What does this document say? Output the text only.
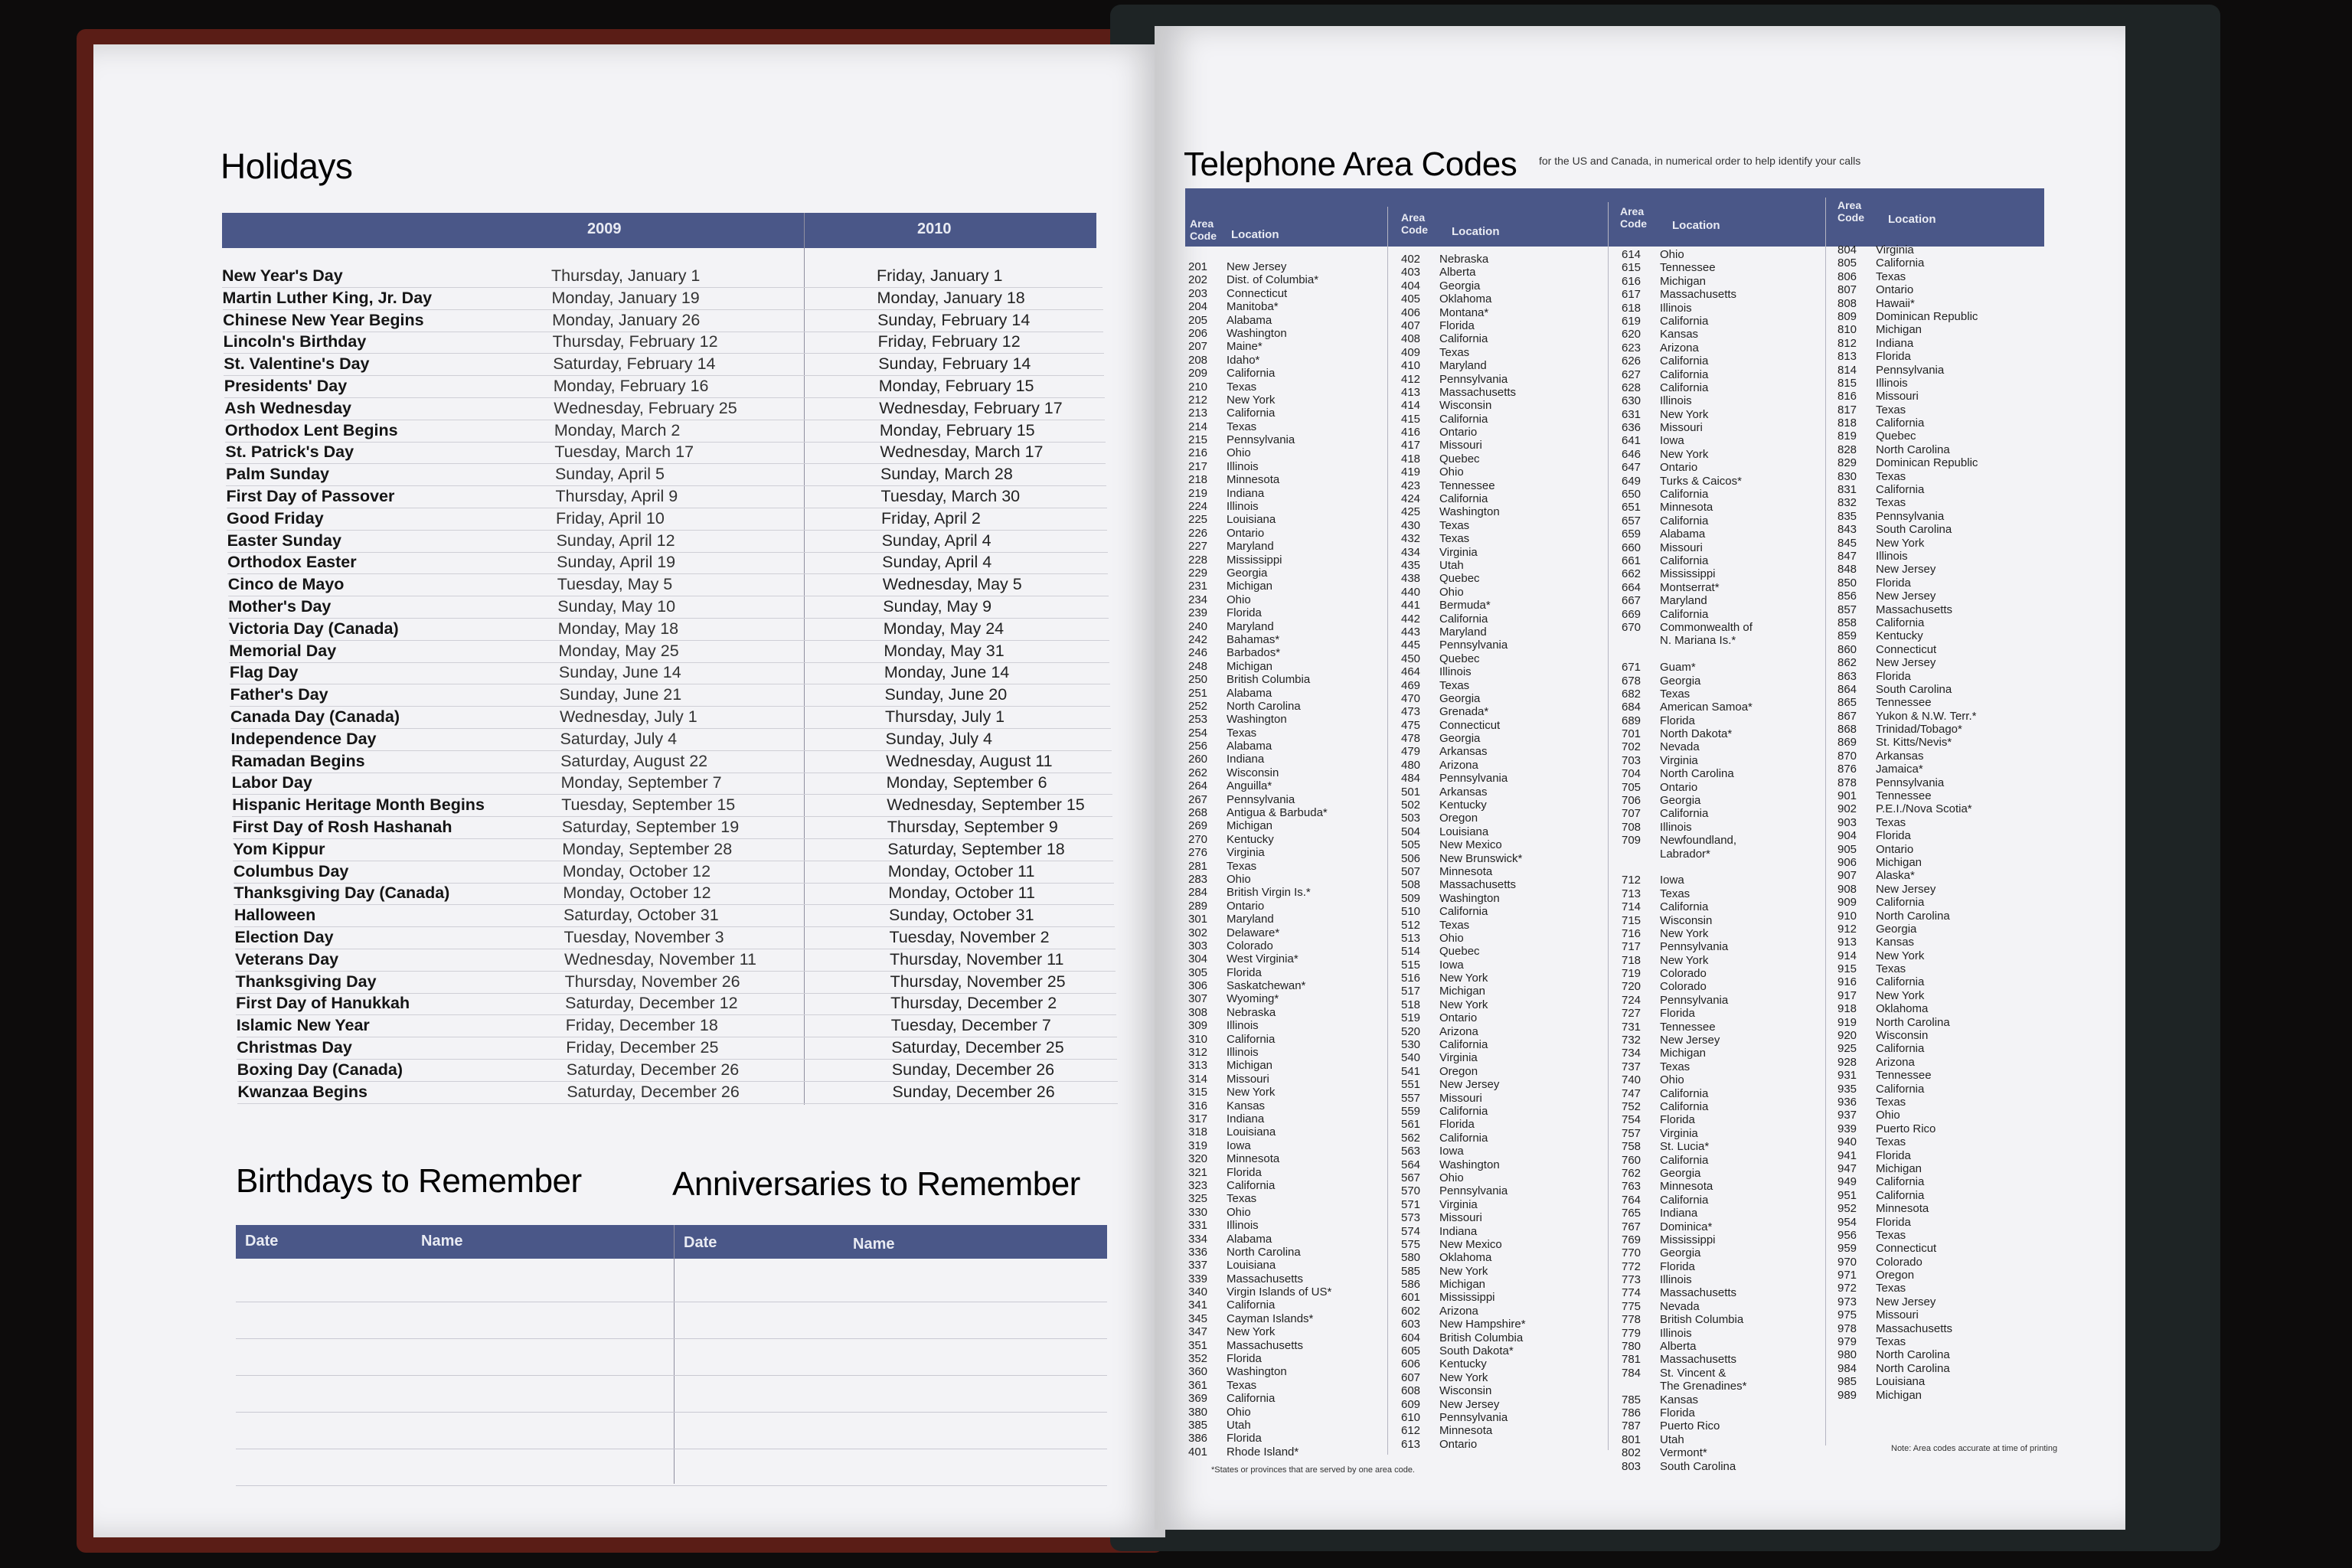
Holidays
2009	2010
New Year's Day	Thursday, January 1	Friday, January 1
Martin Luther King, Jr. Day	Monday, January 19	Monday, January 18
Chinese New Year Begins	Monday, January 26	Sunday, February 14
Lincoln's Birthday	Thursday, February 12	Friday, February 12
St. Valentine's Day	Saturday, February 14	Sunday, February 14
Presidents' Day	Monday, February 16	Monday, February 15
Ash Wednesday	Wednesday, February 25	Wednesday, February 17
Orthodox Lent Begins	Monday, March 2	Monday, February 15
St. Patrick's Day	Tuesday, March 17	Wednesday, March 17
Palm Sunday	Sunday, April 5	Sunday, March 28
First Day of Passover	Thursday, April 9	Tuesday, March 30
Good Friday	Friday, April 10	Friday, April 2
Easter Sunday	Sunday, April 12	Sunday, April 4
Orthodox Easter	Sunday, April 19	Sunday, April 4
Cinco de Mayo	Tuesday, May 5	Wednesday, May 5
Mother's Day	Sunday, May 10	Sunday, May 9
Victoria Day (Canada)	Monday, May 18	Monday, May 24
Memorial Day	Monday, May 25	Monday, May 31
Flag Day	Sunday, June 14	Monday, June 14
Father's Day	Sunday, June 21	Sunday, June 20
Canada Day (Canada)	Wednesday, July 1	Thursday, July 1
Independence Day	Saturday, July 4	Sunday, July 4
Ramadan Begins	Saturday, August 22	Wednesday, August 11
Labor Day	Monday, September 7	Monday, September 6
Hispanic Heritage Month Begins	Tuesday, September 15	Wednesday, September 15
First Day of Rosh Hashanah	Saturday, September 19	Thursday, September 9
Yom Kippur	Monday, September 28	Saturday, September 18
Columbus Day	Monday, October 12	Monday, October 11
Thanksgiving Day (Canada)	Monday, October 12	Monday, October 11
Halloween	Saturday, October 31	Sunday, October 31
Election Day	Tuesday, November 3	Tuesday, November 2
Veterans Day	Wednesday, November 11	Thursday, November 11
Thanksgiving Day	Thursday, November 26	Thursday, November 25
First Day of Hanukkah	Saturday, December 12	Thursday, December 2
Islamic New Year	Friday, December 18	Tuesday, December 7
Christmas Day	Friday, December 25	Saturday, December 25
Boxing Day (Canada)	Saturday, December 26	Sunday, December 26
Kwanzaa Begins	Saturday, December 26	Sunday, December 26
Birthdays to Remember	Anniversaries to Remember
Date	Name	Date	Name
Telephone Area Codes for the US and Canada, in numerical order to help identify your calls
Area Code	Location
Area Code	Location
Area Code	Location
Area Code	Location
201 New Jersey
202 Dist. of Columbia*
203 Connecticut
204 Manitoba*
205 Alabama
206 Washington
207 Maine*
208 Idaho*
209 California
210 Texas
212 New York
213 California
214 Texas
215 Pennsylvania
216 Ohio
217 Illinois
218 Minnesota
219 Indiana
224 Illinois
225 Louisiana
226 Ontario
227 Maryland
228 Mississippi
229 Georgia
231 Michigan
234 Ohio
239 Florida
240 Maryland
242 Bahamas*
246 Barbados*
248 Michigan
250 British Columbia
251 Alabama
252 North Carolina
253 Washington
254 Texas
256 Alabama
260 Indiana
262 Wisconsin
264 Anguilla*
267 Pennsylvania
268 Antigua & Barbuda*
269 Michigan
270 Kentucky
276 Virginia
281 Texas
283 Ohio
284 British Virgin Is.*
289 Ontario
301 Maryland
302 Delaware*
303 Colorado
304 West Virginia*
305 Florida
306 Saskatchewan*
307 Wyoming*
308 Nebraska
309 Illinois
310 California
312 Illinois
313 Michigan
314 Missouri
315 New York
316 Kansas
317 Indiana
318 Louisiana
319 Iowa
320 Minnesota
321 Florida
323 California
325 Texas
330 Ohio
331 Illinois
334 Alabama
336 North Carolina
337 Louisiana
339 Massachusetts
340 Virgin Islands of US*
341 California
345 Cayman Islands*
347 New York
351 Massachusetts
352 Florida
360 Washington
361 Texas
369 California
380 Ohio
385 Utah
386 Florida
401 Rhode Island*
402 Nebraska
403 Alberta
404 Georgia
405 Oklahoma
406 Montana*
407 Florida
408 California
409 Texas
410 Maryland
412 Pennsylvania
413 Massachusetts
414 Wisconsin
415 California
416 Ontario
417 Missouri
418 Quebec
419 Ohio
423 Tennessee
424 California
425 Washington
430 Texas
432 Texas
434 Virginia
435 Utah
438 Quebec
440 Ohio
441 Bermuda*
442 California
443 Maryland
445 Pennsylvania
450 Quebec
464 Illinois
469 Texas
470 Georgia
473 Grenada*
475 Connecticut
478 Georgia
479 Arkansas
480 Arizona
484 Pennsylvania
501 Arkansas
502 Kentucky
503 Oregon
504 Louisiana
505 New Mexico
506 New Brunswick*
507 Minnesota
508 Massachusetts
509 Washington
510 California
512 Texas
513 Ohio
514 Quebec
515 Iowa
516 New York
517 Michigan
518 New York
519 Ontario
520 Arizona
530 California
540 Virginia
541 Oregon
551 New Jersey
557 Missouri
559 California
561 Florida
562 California
563 Iowa
564 Washington
567 Ohio
570 Pennsylvania
571 Virginia
573 Missouri
574 Indiana
575 New Mexico
580 Oklahoma
585 New York
586 Michigan
601 Mississippi
602 Arizona
603 New Hampshire*
604 British Columbia
605 South Dakota*
606 Kentucky
607 New York
608 Wisconsin
609 New Jersey
610 Pennsylvania
612 Minnesota
613 Ontario
614 Ohio
615 Tennessee
616 Michigan
617 Massachusetts
618 Illinois
619 California
620 Kansas
623 Arizona
626 California
627 California
628 California
630 Illinois
631 New York
636 Missouri
641 Iowa
646 New York
647 Ontario
649 Turks & Caicos*
650 California
651 Minnesota
657 California
659 Alabama
660 Missouri
661 California
662 Mississippi
664 Montserrat*
667 Maryland
669 California
670 Commonwealth of
N. Mariana Is.*
671 Guam*
678 Georgia
682 Texas
684 American Samoa*
689 Florida
701 North Dakota*
702 Nevada
703 Virginia
704 North Carolina
705 Ontario
706 Georgia
707 California
708 Illinois
709 Newfoundland,
Labrador*
712 Iowa
713 Texas
714 California
715 Wisconsin
716 New York
717 Pennsylvania
718 New York
719 Colorado
720 Colorado
724 Pennsylvania
727 Florida
731 Tennessee
732 New Jersey
734 Michigan
737 Texas
740 Ohio
747 California
752 California
754 Florida
757 Virginia
758 St. Lucia*
760 California
762 Georgia
763 Minnesota
764 California
765 Indiana
767 Dominica*
769 Mississippi
770 Georgia
772 Florida
773 Illinois
774 Massachusetts
775 Nevada
778 British Columbia
779 Illinois
780 Alberta
781 Massachusetts
784 St. Vincent &
The Grenadines*
785 Kansas
786 Florida
787 Puerto Rico
801 Utah
802 Vermont*
803 South Carolina
804 Virginia
805 California
806 Texas
807 Ontario
808 Hawaii*
809 Dominican Republic
810 Michigan
812 Indiana
813 Florida
814 Pennsylvania
815 Illinois
816 Missouri
817 Texas
818 California
819 Quebec
828 North Carolina
829 Dominican Republic
830 Texas
831 California
832 Texas
835 Pennsylvania
843 South Carolina
845 New York
847 Illinois
848 New Jersey
850 Florida
856 New Jersey
857 Massachusetts
858 California
859 Kentucky
860 Connecticut
862 New Jersey
863 Florida
864 South Carolina
865 Tennessee
867 Yukon & N.W. Terr.*
868 Trinidad/Tobago*
869 St. Kitts/Nevis*
870 Arkansas
876 Jamaica*
878 Pennsylvania
901 Tennessee
902 P.E.I./Nova Scotia*
903 Texas
904 Florida
905 Ontario
906 Michigan
907 Alaska*
908 New Jersey
909 California
910 North Carolina
912 Georgia
913 Kansas
914 New York
915 Texas
916 California
917 New York
918 Oklahoma
919 North Carolina
920 Wisconsin
925 California
928 Arizona
931 Tennessee
935 California
936 Texas
937 Ohio
939 Puerto Rico
940 Texas
941 Florida
947 Michigan
949 California
951 California
952 Minnesota
954 Florida
956 Texas
959 Connecticut
970 Colorado
971 Oregon
972 Texas
973 New Jersey
975 Missouri
978 Massachusetts
979 Texas
980 North Carolina
984 North Carolina
985 Louisiana
989 Michigan
*States or provinces that are served by one area code.
Note: Area codes accurate at time of printing
